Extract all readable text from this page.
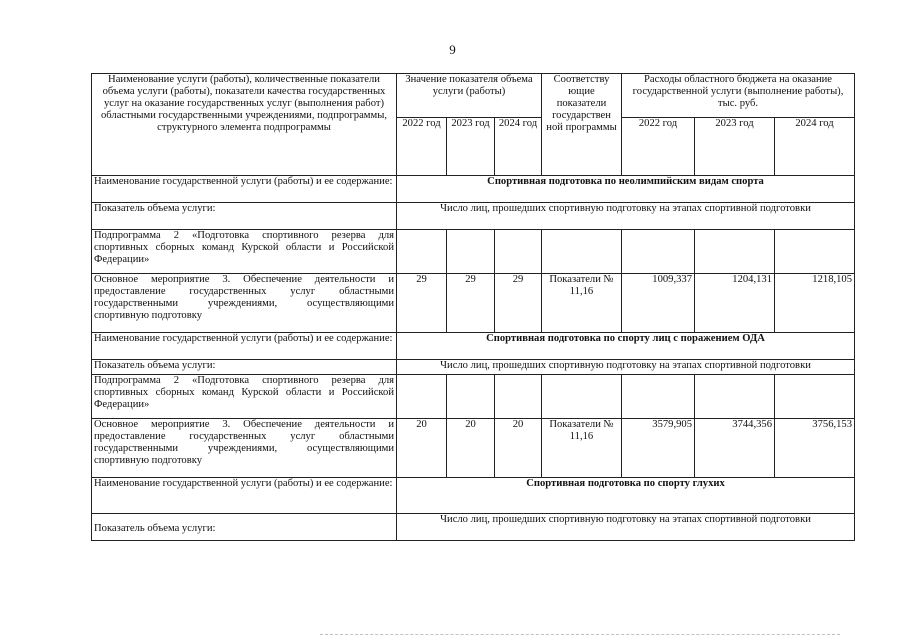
9
Наименование услуги (работы), количественные показатели объема услуги (работы), показатели качества государственных услуг на оказание государственных услуг (выполнения работ) областными государственными учреждениями, подпрограммы, структурного элемента подпрограммы	Значение показателя объема услуги (работы)			Соответству ющие показатели государствен ной программы	Расходы областного бюджета на оказание государственной услуги (выполнение работы), тыс. руб.		
	2022 год	2023 год	2024 год		2022 год	2023 год	2024 год
Наименование государственной услуги (работы) и ее содержание:	Спортивная подготовка по неолимпийским видам спорта						
Показатель объема услуги:	Число лиц, прошедших спортивную подготовку на этапах спортивной подготовки						
Подпрограмма 2 «Подготовка спортивного резерва для спортивных сборных команд Курской области и Российской Федерации»							
Основное мероприятие 3. Обеспечение деятельности и предоставление государственных услуг областными государственными учреждениями, осуществляющими спортивную подготовку	29	29	29	Показатели № 11,16	1009,337	1204,131	1218,105
Наименование государственной услуги (работы) и ее содержание:	Спортивная подготовка по спорту лиц с поражением ОДА						
Показатель объема услуги:	Число лиц, прошедших спортивную подготовку на этапах спортивной подготовки						
Подпрограмма 2 «Подготовка спортивного резерва для спортивных сборных команд Курской области и Российской Федерации»							
Основное мероприятие 3. Обеспечение деятельности и предоставление государственных услуг областными государственными учреждениями, осуществляющими спортивную подготовку	20	20	20	Показатели № 11,16	3579,905	3744,356	3756,153
Наименование государственной услуги (работы) и ее содержание:	Спортивная подготовка по спорту глухих						
Показатель объема услуги:	Число лиц, прошедших спортивную подготовку на этапах спортивной подготовки						
